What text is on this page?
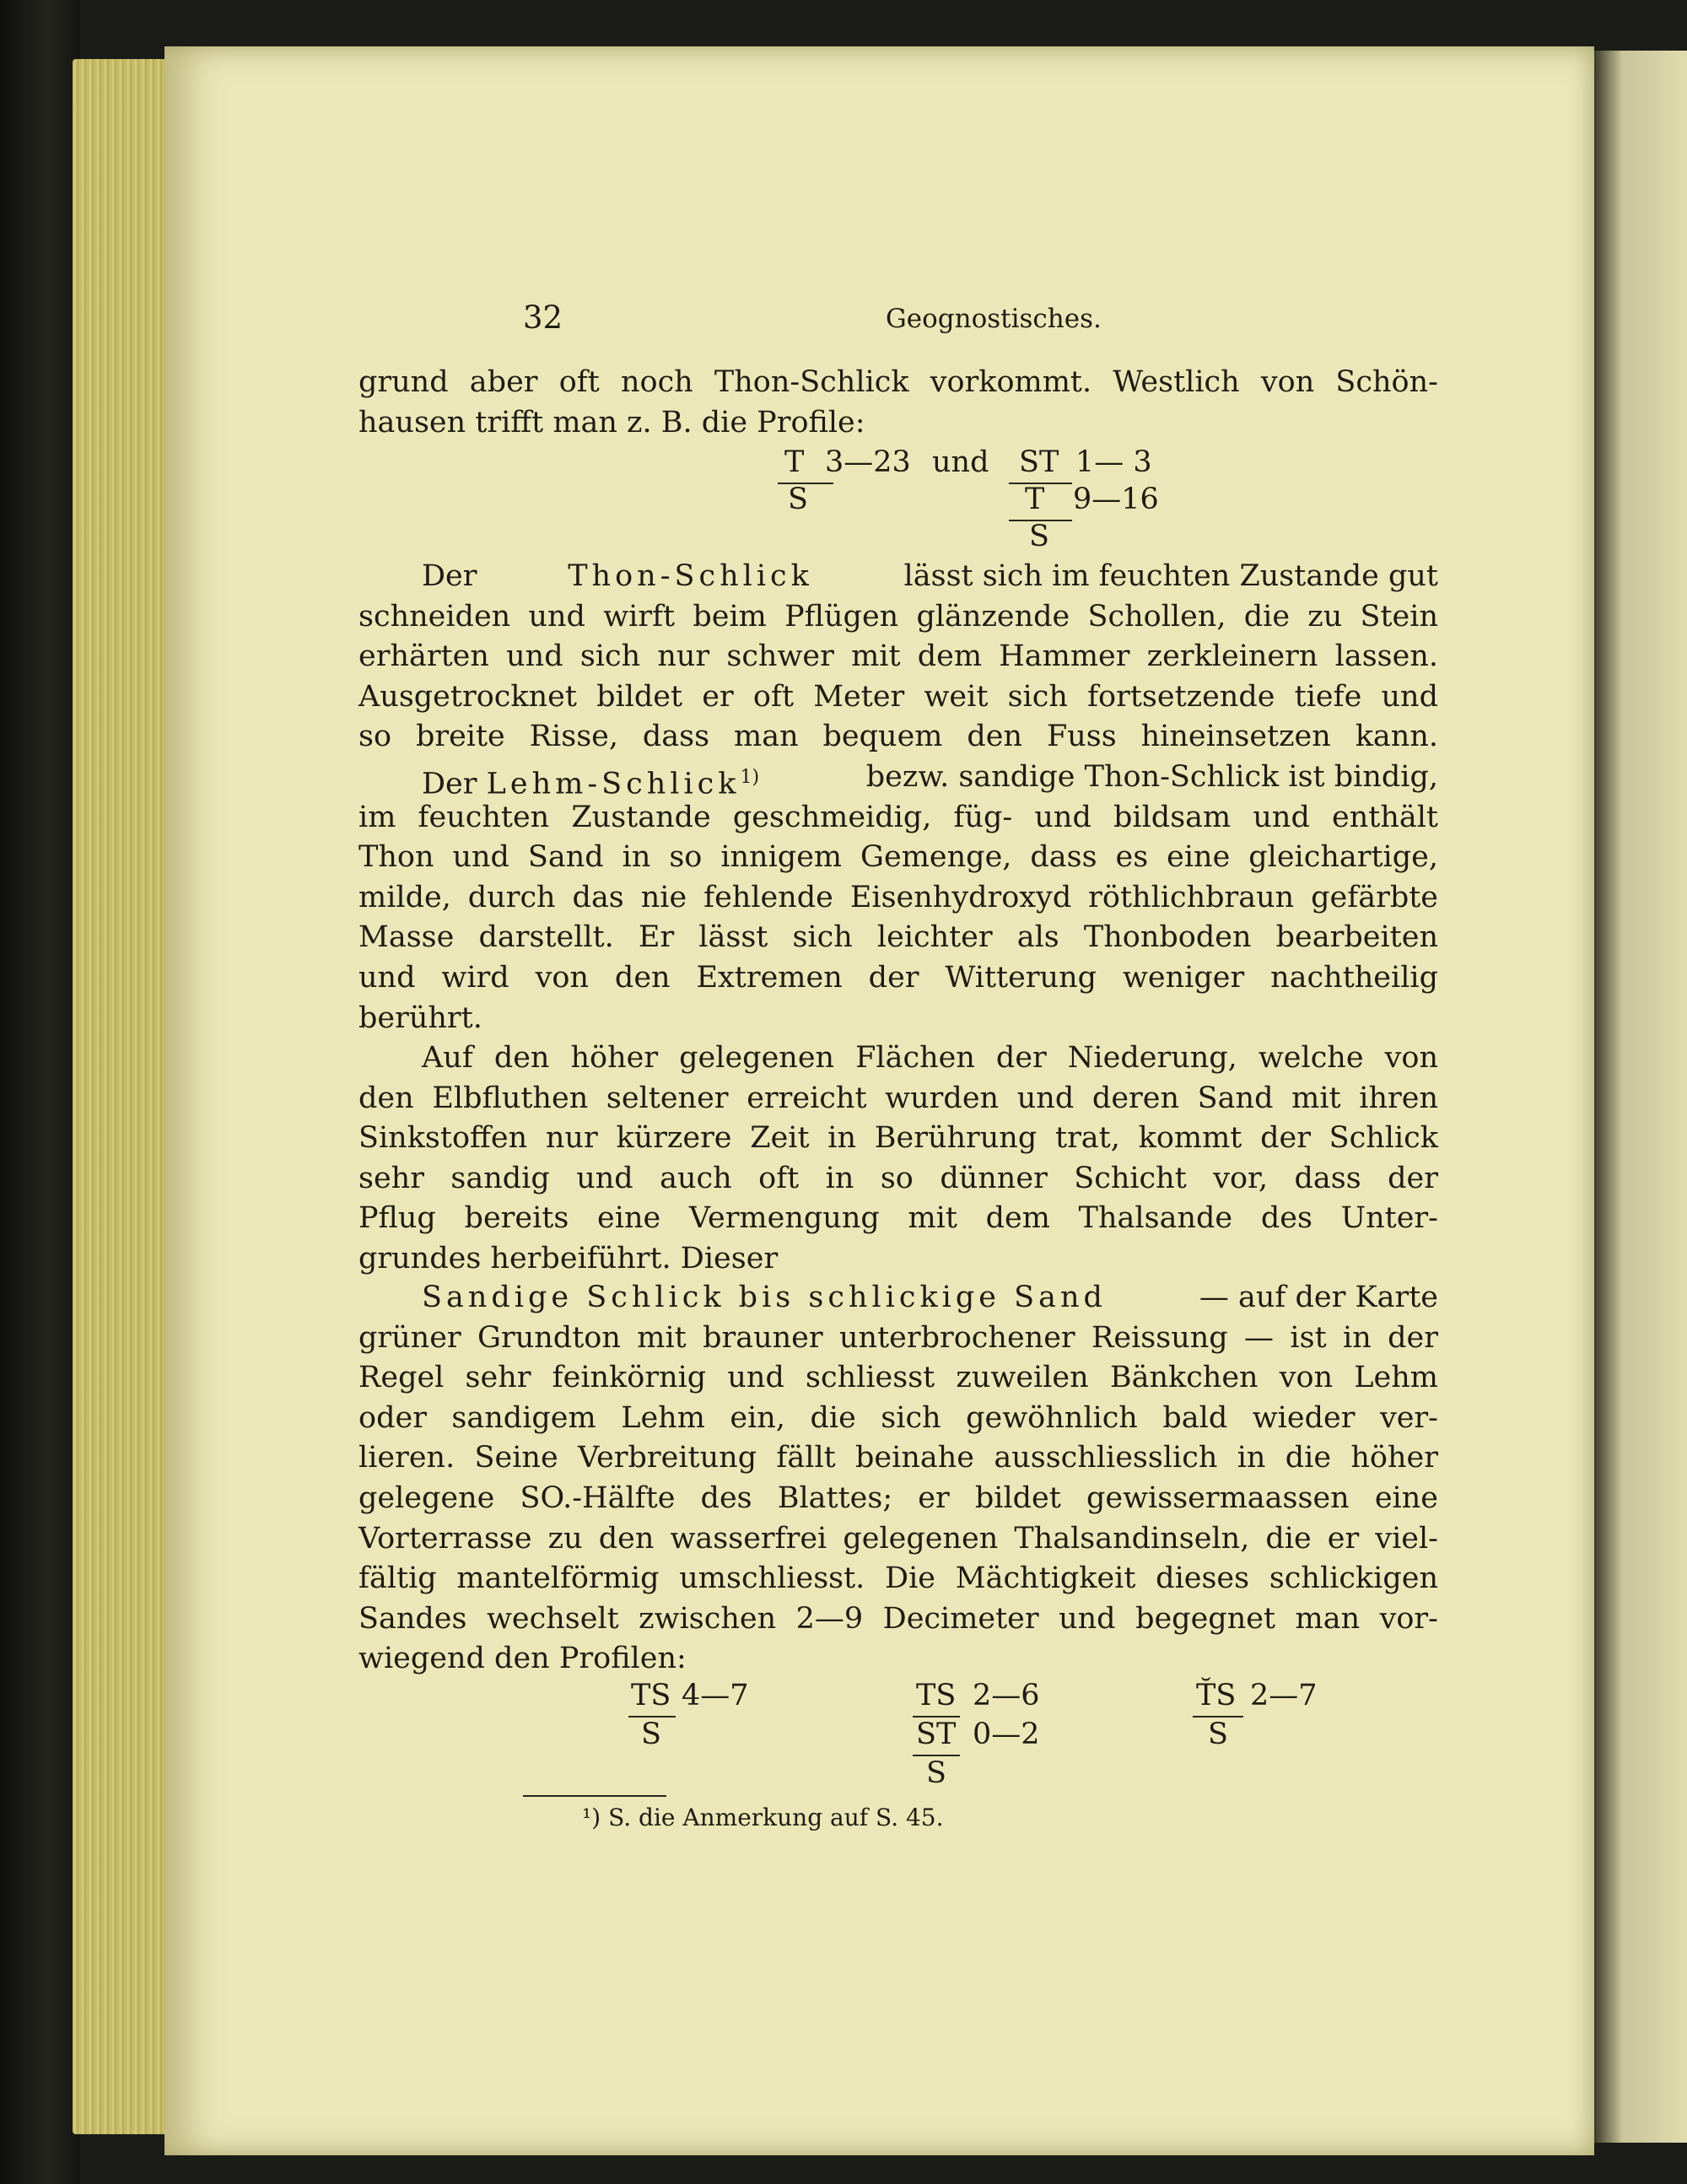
32	Geognostisches.
grund aber oft noch Thon-Schlick vorkommt. Westlich von Schön-
hausen trifft man z. B. die Profile:
T 3—23
S
und ST 1— 3
T 9—16
S
Der	Thon-Schlick	lässt sich im feuchten Zustande gut
schneiden und wirft beim Pflügen glänzende Schollen, die zu Stein
erhärten und sich nur schwer mit dem Hammer zerkleinern lassen.
Ausgetrocknet bildet er oft Meter weit sich fortsetzende tiefe und
so breite Risse, dass man bequem den Fuss hineinsetzen kann.
Der Lehm-Schlick$^{1)}$	bezw. sandige Thon-Schlick ist bindig,
im feuchten Zustande geschmeidig, füg- und bildsam und enthält
Thon und Sand in so innigem Gemenge, dass es eine gleichartige,
milde, durch das nie fehlende Eisenhydroxyd röthlichbraun gefärbte
Masse darstellt. Er lässt sich leichter als Thonboden bearbeiten
und wird von den Extremen der Witterung weniger nachtheilig
berührt.
Auf den höher gelegenen Flächen der Niederung, welche von
den Elbfluthen seltener erreicht wurden und deren Sand mit ihren
Sinkstoffen nur kürzere Zeit in Berührung trat, kommt der Schlick
sehr sandig und auch oft in so dünner Schicht vor, dass der
Pflug bereits eine Vermengung mit dem Thalsande des Unter-
grundes herbeiführt. Dieser
Sandige Schlick bis schlickige Sand	— auf der Karte
grüner Grundton mit brauner unterbrochener Reissung — ist in der
Regel sehr feinkörnig und schliesst zuweilen Bänkchen von Lehm
oder sandigem Lehm ein, die sich gewöhnlich bald wieder ver-
lieren. Seine Verbreitung fällt beinahe ausschliesslich in die höher
gelegene SO.-Hälfte des Blattes; er bildet gewissermaassen eine
Vorterrasse zu den wasserfrei gelegenen Thalsandinseln, die er viel-
fältig mantelförmig umschliesst. Die Mächtigkeit dieses schlickigen
Sandes wechselt zwischen 2—9 Decimeter und begegnet man vor-
wiegend den Profilen:
TS 4—7
S
TS 2—6
ST 0—2
S
T̆S 2—7
S
¹) S. die Anmerkung auf S. 45.
